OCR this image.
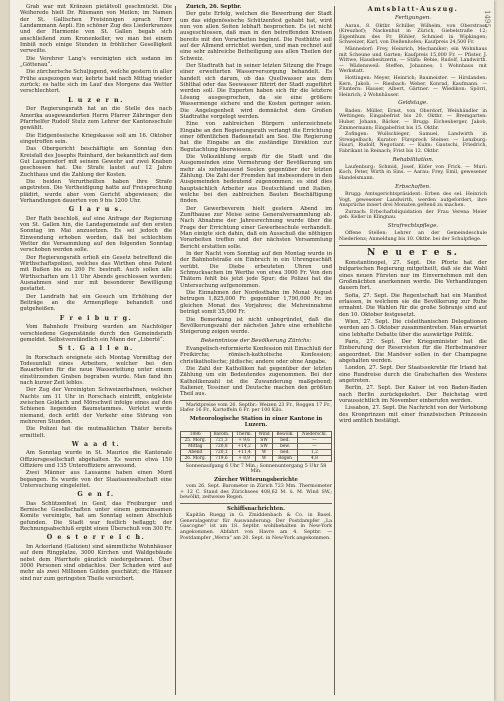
1495

Grab war mit Kränzen pietätvoll geschmückt. Die Weiherede hielt Dr. Rüsmann von Meilen; im Namen der St. Gallischen Freisinnigen sprach Herr Landammann Aepli. Ein schöner Zug des Liederkranzes und der Harmonie von St. Gallen begab sich anschließend zum Kronenkeller, wo man bei einem Imbiß noch einige Stunden in fröhlicher Geselligkeit verweilte.

Die Verehrer Lang's vereinigten sich sodann im „Göttenau“.

Die zürcherische Schuljugend, welche gestern in aller Frühe ausgezogen war, kehrte bald nach Mittag wieder zurück; es hatte sich im Lauf des Morgens das Wetter verschlechtert.

L u z e r n.

Der Regierungsrath hat an die Stelle des nach Amerika ausgewanderten Herrn Pfarrer Zähringer den Pfarrhelfer Rudolf Stutz zum Lehrer der Kantonsschule gewählt.

Die Eidgenössische Kriegskasse soll am 16. Oktober eingetroffen sein.

Das Obergericht beschäftigte am Sonntag den Kreisfall des Josephs Reinhard, der bekanntlich auf dem Gut Laupersdorf mit seinem Gewehr auf zwei Knaben geschossen hat. Die Strafe lautet auf 12 Jahre Zuchthaus und die Zahlung der Kosten.

Die beiden Verurtheilten haben ihre Strafe angetreten. Die Vertheidigung hatte auf Freisprechung plädirt, wurde aber vom Gericht abgewiesen; die Verhandlungen dauerten von 9 bis 1200 Uhr.

G l a r u s.

Der Rath beschloß, auf eine Anfrage der Regierung von St. Gallen hin, die Landsgemeinde auf den ersten Sonntag im Mai anzusetzen. Es sei jedoch die Einwendung erhoben worden, daß bei schlechtem Wetter die Versammlung auf den folgenden Sonntag verschoben werden solle.

Der Regierungsrath erließ ein Gesetz betreffend die Wirthschaftspolizei, welches das Wirthen ohne Patent mit Bußen bis zu 200 Fr. bestraft. Auch sollen alle Wirthschaften um 11 Uhr Abends geschlossen werden; Ausnahmen sind nur mit besonderer Bewilligung gestattet.

Der Landrath hat ein Gesuch um Erhöhung der Beiträge an die Armenpflege behandelt und gutgeheißen.

F r e i b u r g.

Vom Bahnhofe Freiburg wurden am Nachfolger verschiedene Gegenstände durch den Gemeindsrath gemeldet. Selbstverständlich ein Mann der „Liberté“.

S t. G a l l e n.

In Rorschach ereignete sich Montag Vormittag der Todesunfall eines Arbeiters, welcher bei den Bauarbeiten für die neue Wasserleitung unter einem einstürzenden Graben begraben wurde. Man fand ihn nach kurzer Zeit leblos.

Der Zug der Vereinigten Schweizerbahnen, welcher Nachts um 11 Uhr in Rorschach eintrifft, entgleiste zwischen Goldach und Mörschwil infolge eines auf den Schienen liegenden Baumstammes. Verletzt wurde niemand, doch erlitt der Verkehr eine Störung von mehreren Stunden.

Die Polizei hat die mutmaßlichen Thäter bereits ermittelt.

W a a d t.

Am Sonntag wurde in St. Maurice die Kantonale Offiziersgesellschaft abgehalten. Es waren etwa 150 Offiziere und 135 Unteroffiziere anwesend.

Zwei Männer aus Lausanne haben einen Mord begangen. Es wurde von der Staatsanwaltschaft eine Untersuchung eingeleitet.

G e n f.

Das Schützenfest in Genf, das Freiburger und Bernische Gesellschaften unter einem gemeinsamen Komite vereinigte, hat am Sonntag seinen Abschluß gefunden. Die Stadt war festlich beflaggt; der Rechnungsabschluß ergibt einen Überschuß von 300 Fr.

O e s t e r r e i c h.

Im Ackerland (Galizien) sind sämmtliche Wohnhäuser auf dem Ringplatze, 3000 Kirchen und Waldgebäude nebst dem Pfarrhofe gänzlich niedergebrannt. Über 3000 Personen sind obdachlos. Der Schaden wird auf mehr als zwei Millionen Gulden geschätzt; die Häuser sind nur zum geringsten Theile versichert.

Zürich, 26. Septbr.

Der gute Erfolg, welchen die Bewerbung der Stadt um das eidgenössische Schützenfest gehabt hat, wird nun von allen Seiten lebhaft besprochen. Es ist nicht ausgeschlossen, daß man in den betreffenden Kreisen bereits mit den Vorarbeiten beginnt. Die Festhütte soll auf der Allmend errichtet werden, und man rechnet auf eine sehr zahlreiche Betheiligung aus allen Theilen der Schweiz.

Der Stadtrath hat in seiner letzten Sitzung die Frage einer erweiterten Wasserversorgung behandelt. Es handelt sich darum, ob das Quellwasser aus dem Sihlthal oder das Seewasser filtrirt der Stadt zugeführt werden soll. Die Experten haben sich für die letztere Lösung ausgesprochen, da sie eine größere Wassermenge sichere und die Kosten geringer seien. Die Angelegenheit wird demnächst dem Großen Stadtrathe vorgelegt werden.

Eine von zahlreichen Bürgern unterzeichnete Eingabe an den Regierungsrath verlangt die Errichtung einer öffentlichen Badeanstalt am See. Die Regierung hat die Eingabe an die zuständige Direktion zur Begutachtung überwiesen.

Die Volkszählung ergab für die Stadt und die Ausgemeinden eine Vermehrung der Bevölkerung um mehr als zehntausend Seelen gegenüber der letzten Zählung. Die Zahl der Fremden hat insbesondere in den Ausgemeinden bedeutend zugenommen; es sind dies hauptsächlich Arbeiter aus Deutschland und Italien, welche bei den zahlreichen Bauten Beschäftigung finden.

Der Gewerbeverein hielt gestern Abend im Zunfthause zur Meise seine Generalversammlung ab. Nach Abnahme der Jahresrechnung wurde über die Frage der Errichtung einer Gewerbeschule verhandelt. Man einigte sich dahin, daß ein Ausschuß die nöthigen Vorarbeiten treffen und der nächsten Versammlung Bericht erstatten solle.

In der Nacht vom Sonntag auf den Montag wurde in der Bahnhofstraße ein Einbruch in ein Uhrengeschäft verübt. Die Diebe erbeuteten Uhren und Schmucksachen im Werthe von etwa 3000 Fr. Von den Thätern fehlt bis jetzt jede Spur; die Polizei hat die Untersuchung aufgenommen.

Die Einnahmen der Nordostbahn im Monat August betrugen 1,825,000 Fr. gegenüber 1,790,000 Fr. im gleichen Monat des Vorjahres; die Mehreinnahme beträgt somit 35,000 Fr.

Die Bemerkung ist nicht unbegründet, daß die Bevölkerungszahl der nächsten Jahre eine erhebliche Steigerung zeigen werde.

Bekenntnisse der Bevölkerung Zürichs:

Evangelisch-reformierte Konfession mit Einschluß der Freikirche; römisch-katholische Konfession; christkatholische; jüdische; andere oder ohne Angabe.

Die Zahl der Katholiken hat gegenüber der letzten Zählung um ein Bedeutendes zugenommen. Bei der Katholikenzahl ist die Zuwanderung maßgebend; Italiener, Tessiner und Deutsche machen den größten Theil aus.

Marktpreise vom 26. Septbr.: Weizen 23 Fr., Roggen 17 Fr., Hafer 16 Fr., Kartoffeln 6 Fr. per 100 Kilo.

Meteorologische Station in einer Kantone in Luzern.
1886	Barom.	Therm.	Wind	Bewölk.	Niederschl.
25. Morg.	721,3	+ 9,6	SW	bed.	—
Mittag	720,8	+14,2	SW	bew.	—
Abend	720,1	+11,4	W	bed.	1,2
26. Morg.	719,6	+ 8,9	W	Regen	4,8

Sonnenaufgang 6 Uhr 7 Min.; Sonnenuntergang 5 Uhr 58 Min.

Zürcher Witterungsberichte

vom 26. Sept. Barometer in Zürich 723 Mm. Thermometer + 12 C. Stand des Zürichsees 408,62 M. ü. M. Wind SW.; bewölkt, zeitweise Regen.

Schiffsnachrichten.

Kapitän Ruegg in G. Zmiddenbach & Co. in Basel. Generalagentur für Auswanderung: Der Postdampfer „La Gascogne“ ist am 18. Septbr. wohlbehalten in New-York angekommen. Abfahrt von Havre am 4. Septbr. — Postdampfer „Werra“ am 20. Sept. in New-York angekommen.

Amtsblatt-Auszug.
Fertigungen.

Aarau, 8. Oktbr. Schiller, Wilhelm, von Oberstrass (Kreuzhof); Nackenhut in Zürich, Giebelstraße 12; Eigenthum des Fr. Bühler, Schmied in Wipkingen; Schweizer, Karl, von Dießenhofen; Kaufpreis 24,500 Fr.

Männedorf: Frey, Heinrich, Mechaniker; ein Wohnhaus mit Scheune und Garten; Kaufpreis 15,000 Fr. — Pfister, J. Wittwe, Hausbesitzerin. — Stäfa: Bebie, Rudolf, Landwirth. — Wädensweil: Steffen, Johannes; 1 Wohnhaus mit Werkstatt.

Hottingen: Meyer, Heinrich; Baumeister. — Hirslanden: Kern, Jakob. — Riesbach: Weber, Konrad, Kaufmann. — Fluntern: Hauser, Albert, Gärtner. — Wiedikon: Spörri, Heinrich; 2 Wohnhäuser.

Geldstage.

Baden: Müller, Ernst, von Oberdorf, Weinhändler in Wettingen; Eingabefrist bis 20. Oktbr. — Bremgarten: Huber, Johann, Bäcker. — Brugg: Eichenberger, Jakob, Zimmermann; Eingabefrist bis 15. Oktbr.

Zofingen: Wullschleger, Samuel, Landwirth in Strengelbach; Kurator: Fürsprech Steiner. — Lenzburg: Hauri, Rudolf, Negotiant. — Kulm: Gautschi, Friedrich, Fabrikant in Reinach; Frist bis 12. Oktbr.

Rehabilitation.

Laufenburg: Schmid, Josef, Küfer von Frick. — Muri: Koch, Peter, Wirth in Sins. — Aarau: Frey, Emil, gewesener Handelsmann.

Erbschaften.

Brugg: Amtsgerichtspräsident: Erben des sel. Heinrich Vogt, gewesener Landwirth, werden aufgefordert, ihre Ansprüche innert drei Monaten geltend zu machen.

Zurzach: Erbschaftsliquidation der Frau Verena Meier geb. Keller in Klingnau.

Strafrechtspflege.

Offene Stellen: Lehrer an der Gemeindeschule Niederlenz; Anmeldung bis 10. Oktbr. bei der Schulpflege.

N e u e r e s.

Konstantinopel, 27. Sept. Die Pforte hat der bulgarischen Regierung mitgetheilt, daß sie die Wahl eines neuen Fürsten nur im Einvernehmen mit den Großmächten anerkennen werde. Die Verhandlungen dauern fort.

Sofia, 27. Sept. Die Regentschaft hat ein Manifest erlassen, in welchem sie die Bevölkerung zur Ruhe ermahnt. Die Wahlen für die große Sobranje sind auf den 10. Oktober festgesetzt.

Wien, 27. Sept. Die cisleithanischen Delegationen werden am 5. Oktober zusammentreten. Man erwartet eine lebhafte Debatte über die auswärtige Politik.

Paris, 27. Sept. Der Kriegsminister hat die Einberufung der Reservisten für die Herbstmanöver angeordnet. Die Manöver sollen in der Champagne abgehalten werden.

London, 27. Sept. Der Staatssekretär für Irland hat eine Rundreise durch die Grafschaften des Westens angetreten.

Berlin, 27. Sept. Der Kaiser ist von Baden-Baden nach Berlin zurückgekehrt. Der Reichstag wird voraussichtlich im November einberufen werden.

Lissabon, 27. Sept. Die Nachricht von der Verlobung des Kronprinzen mit einer französischen Prinzessin wird amtlich bestätigt.
